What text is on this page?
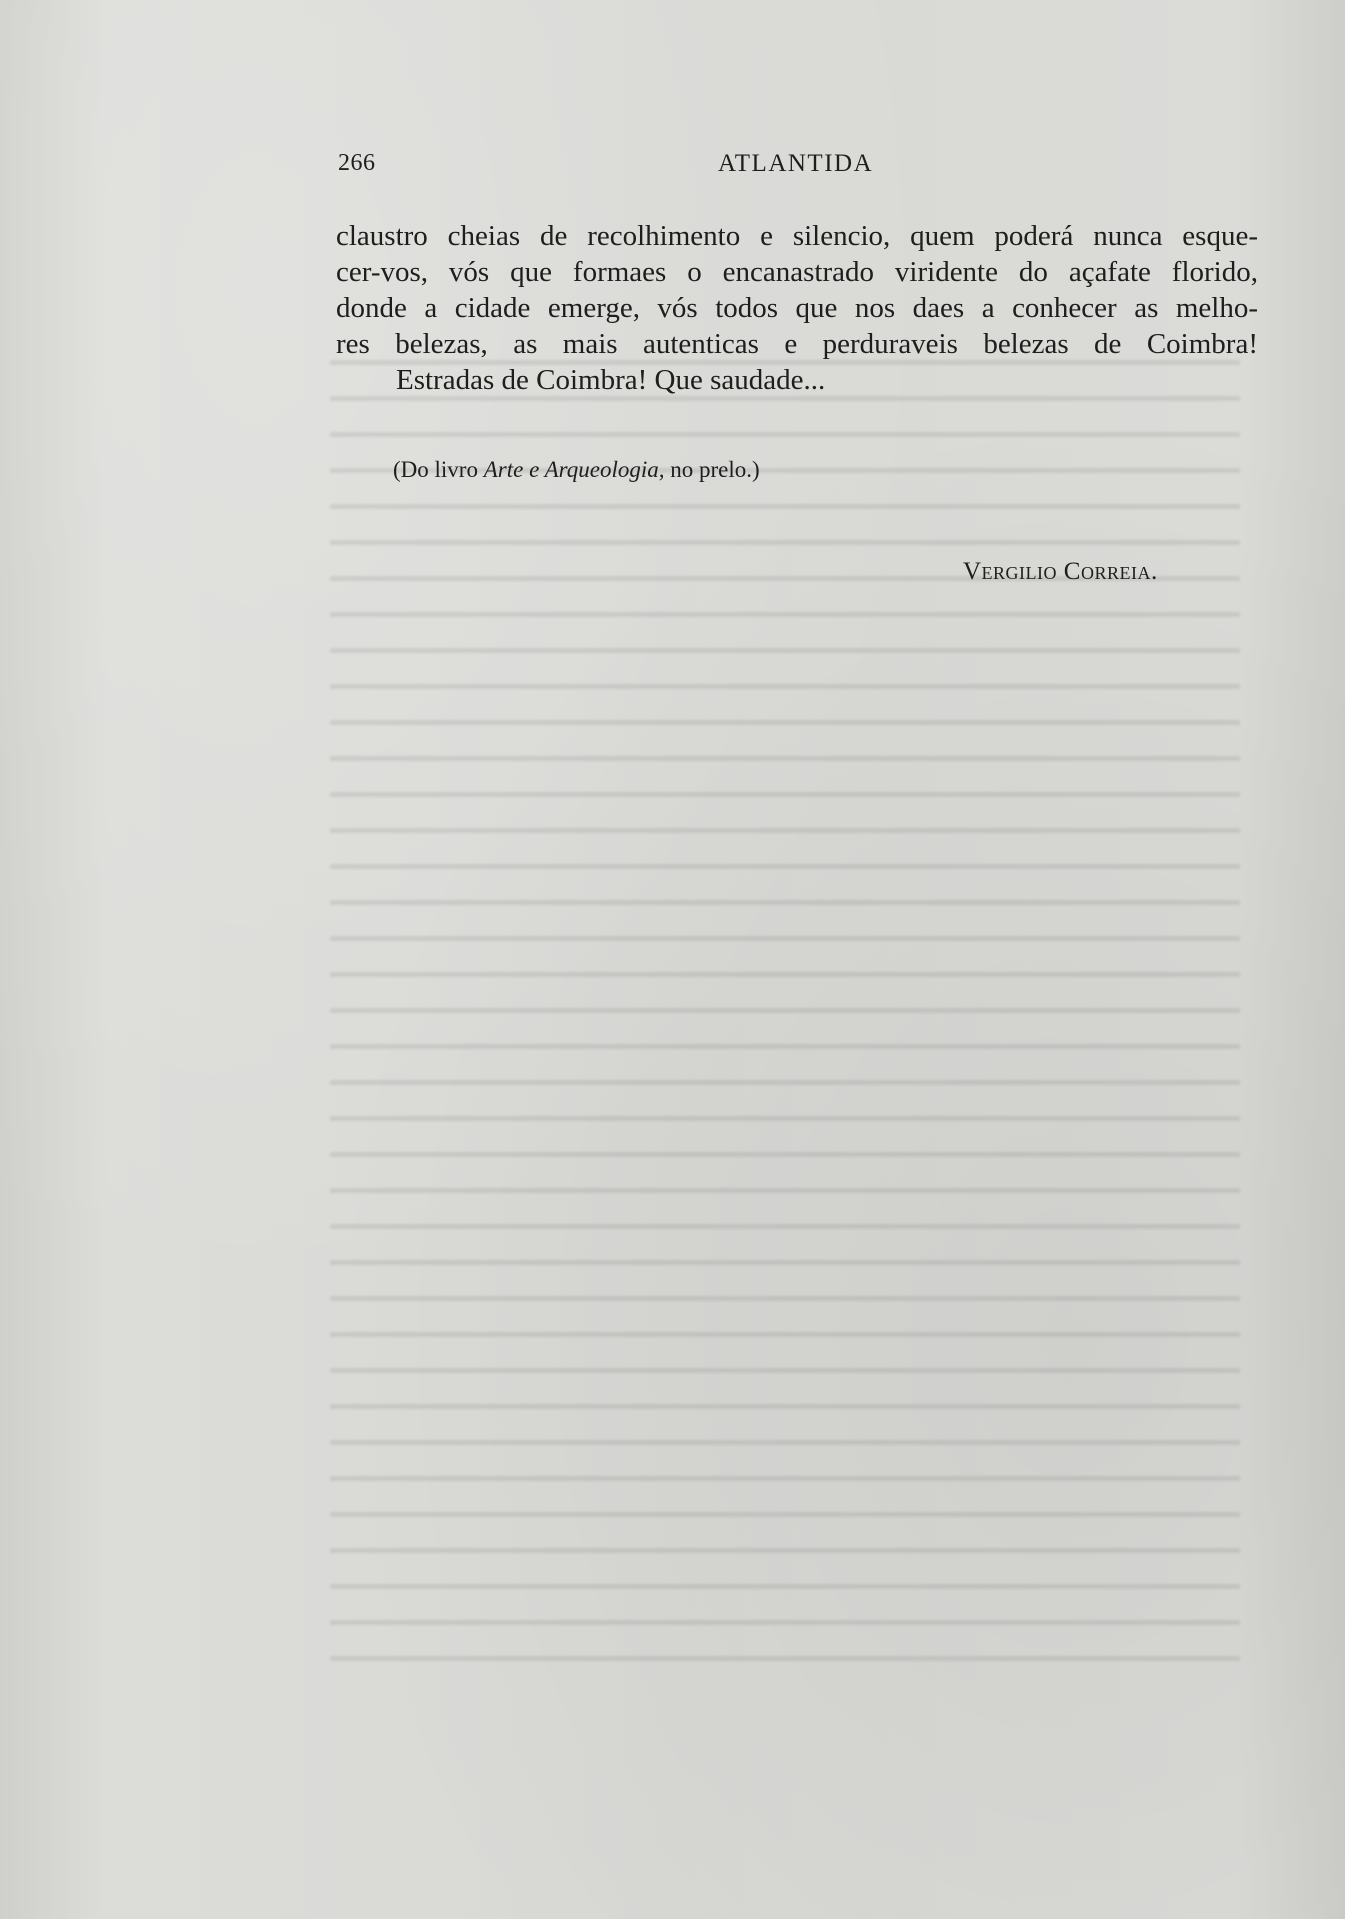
266	ATLANTIDA
claustro cheias de recolhimento e silencio, quem poderá nunca esque-
cer-vos, vós que formaes o encanastrado viridente do açafate florido,
donde a cidade emerge, vós todos que nos daes a conhecer as melho-
res belezas, as mais autenticas e perduraveis belezas de Coimbra!
Estradas de Coimbra! Que saudade...
(Do livro Arte e Arqueologia, no prelo.)
Vergilio Correia.
